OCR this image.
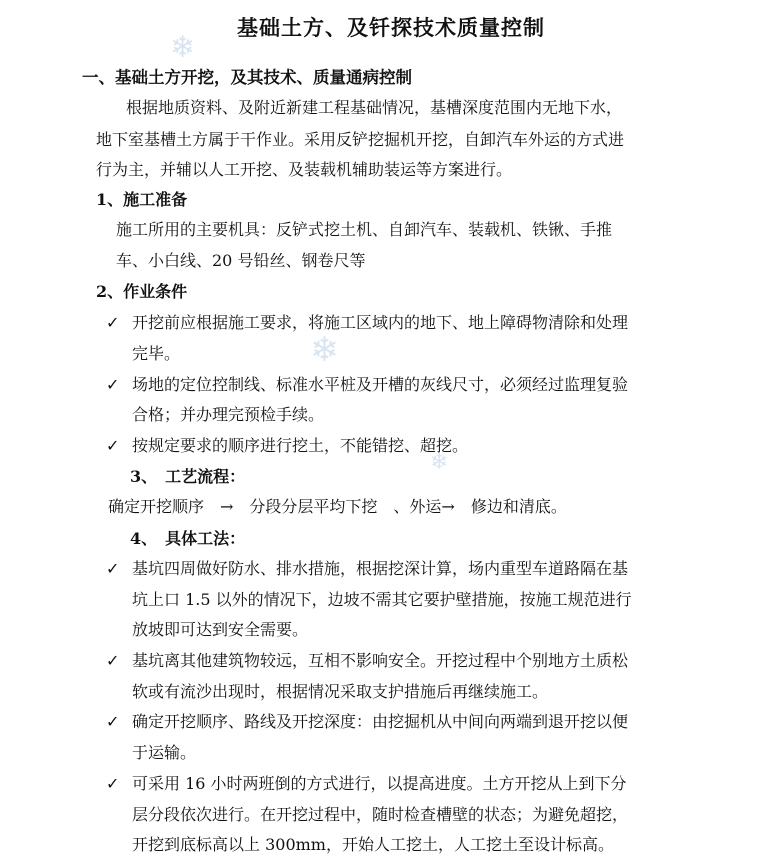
❄
❄
❄
基础土方、及钎探技术质量控制
一、基础土方开挖，及其技术、质量通病控制
根据地质资料、及附近新建工程基础情况，基槽深度范围内无地下水，
地下室基槽土方属于干作业。采用反铲挖掘机开挖，自卸汽车外运的方式进
行为主，并辅以人工开挖、及装载机辅助装运等方案进行。
1、施工准备
施工所用的主要机具：反铲式挖土机、自卸汽车、装载机、铁锹、手推
车、小白线、20 号铅丝、钢卷尺等
2、作业条件
✓ 开挖前应根据施工要求，将施工区域内的地下、地上障碍物清除和处理
完毕。
✓ 场地的定位控制线、标准水平桩及开槽的灰线尺寸，必须经过监理复验
合格；并办理完预检手续。
✓ 按规定要求的顺序进行挖土，不能错挖、超挖。
3、　工艺流程：
确定开挖顺序　→　分段分层平均下挖　、外运→　修边和清底。
4、　具体工法：
✓ 基坑四周做好防水、排水措施，根据挖深计算，场内重型车道路隔在基
坑上口 1.5 以外的情况下，边坡不需其它要护壁措施，按施工规范进行
放坡即可达到安全需要。
✓ 基坑离其他建筑物较远，互相不影响安全。开挖过程中个别地方土质松
软或有流沙出现时，根据情况采取支护措施后再继续施工。
✓ 确定开挖顺序、路线及开挖深度：由挖掘机从中间向两端到退开挖以便
于运输。
✓ 可采用 16 小时两班倒的方式进行，以提高进度。土方开挖从上到下分
层分段依次进行。在开挖过程中，随时检查槽壁的状态；为避免超挖，
开挖到底标高以上 300mm，开始人工挖土，人工挖土至设计标高。
